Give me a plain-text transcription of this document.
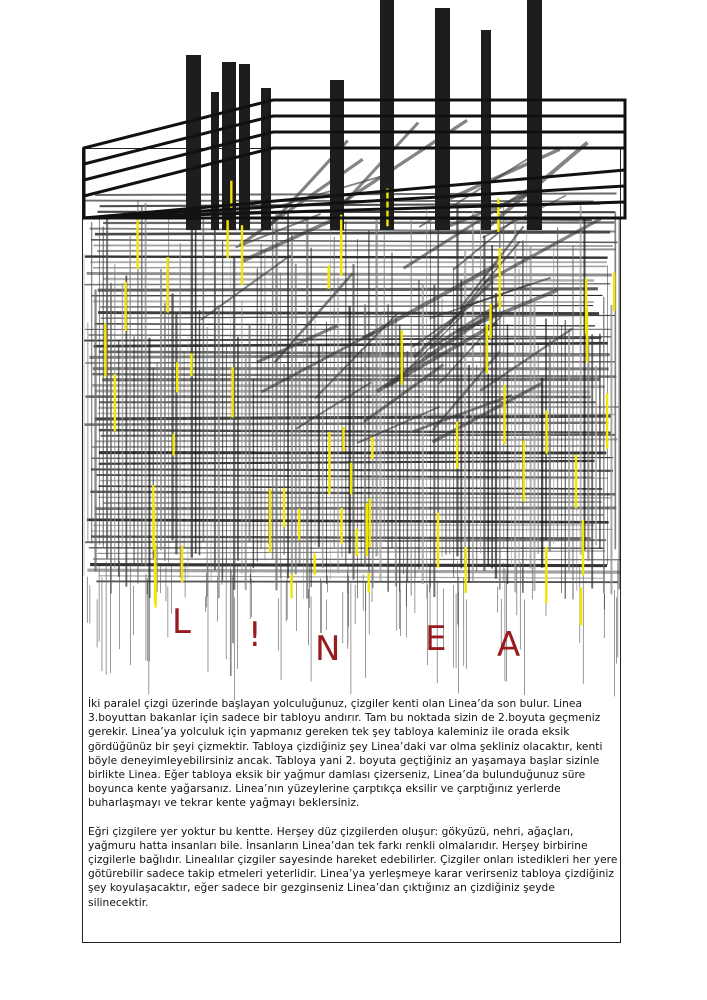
L ! N E A

İki paralel çizgi üzerinde başlayan yolculuğunuz, çizgiler kenti olan Linea’da son bulur. Linea 3.boyuttan bakanlar için sadece bir tabloyu andırır. Tam bu noktada sizin de 2.boyuta geçmeniz gerekir. Linea’ya yolculuk için yapmanız gereken tek şey tabloya kaleminiz ile orada eksik gördüğünüz bir şeyi çizmektir. Tabloya çizdiğiniz şey Linea’daki var olma şekliniz olacaktır, kenti böyle deneyimleyebilirsiniz ancak. Tabloya yani 2. boyuta geçtiğiniz an yaşamaya başlar sizinle birlikte Linea. Eğer tabloya eksik bir yağmur damlası çizerseniz, Linea’da bulunduğunuz süre boyunca kente yağarsanız. Linea’nın yüzeylerine çarptıkça eksilir ve çarptığınız yerlerde buharlaşmayı ve tekrar kente yağmayı beklersiniz.

Eğri çizgilere yer yoktur bu kentte. Herşey düz çizgilerden oluşur: gökyüzü, nehri, ağaçları, yağmuru hatta insanları bile. İnsanların Linea’dan tek farkı renkli olmalarıdır. Herşey birbirine çizgilerle bağlıdır. Linealılar çizgiler sayesinde hareket edebilirler. Çizgiler onları istedikleri her yere götürebilir sadece takip etmeleri yeterlidir. Linea’ya yerleşmeye karar verirseniz tabloya çizdiğiniz şey koyulaşacaktır, eğer sadece bir gezginseniz Linea’dan çıktığınız an çizdiğiniz şeyde silinecektir.
